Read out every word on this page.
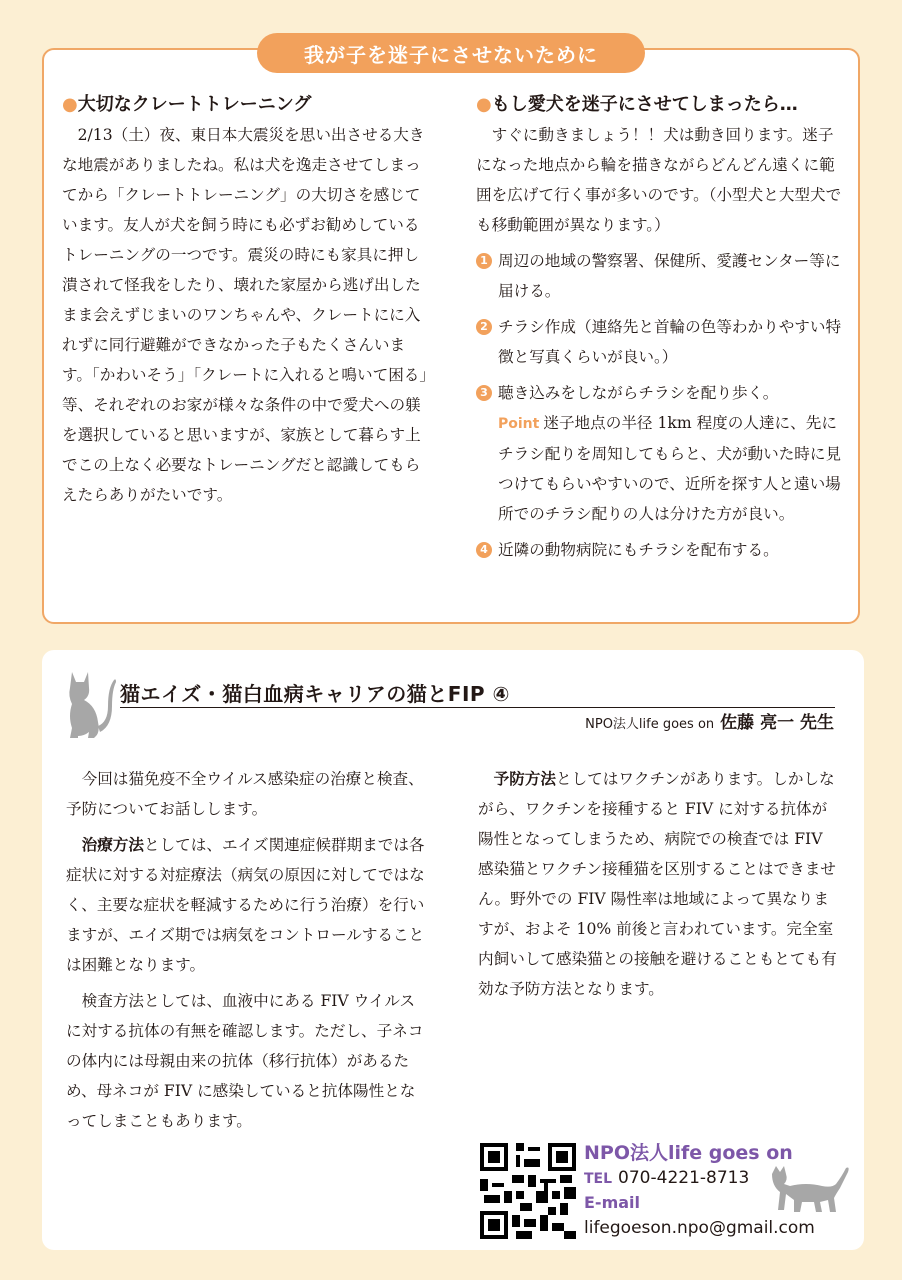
我が子を迷子にさせないために
●大切なクレートトレーニング

2/13（土）夜、東日本大震災を思い出させる大きな地震がありましたね。私は犬を逸走させてしまってから「クレートトレーニング」の大切さを感じています。友人が犬を飼う時にも必ずお勧めしているトレーニングの一つです。震災の時にも家具に押し潰されて怪我をしたり、壊れた家屋から逃げ出したまま会えずじまいのワンちゃんや、クレートにに入れずに同行避難ができなかった子もたくさんいます。「かわいそう」「クレートに入れると鳴いて困る」等、それぞれのお家が様々な条件の中で愛犬への躾を選択していると思いますが、家族として暮らす上でこの上なく必要なトレーニングだと認識してもらえたらありがたいです。

●もし愛犬を迷子にさせてしまったら…

すぐに動きましょう！！犬は動き回ります。迷子になった地点から輪を描きながらどんどん遠くに範囲を広げて行く事が多いのです。（小型犬と大型犬でも移動範囲が異なります。）

1 周辺の地域の警察署、保健所、愛護センター等に届ける。
2 チラシ作成（連絡先と首輪の色等わかりやすい特徴と写真くらいが良い。）
3 聴き込みをしながらチラシを配り歩く。
Point 迷子地点の半径 1km 程度の人達に、先にチラシ配りを周知してもらと、犬が動いた時に見つけてもらいやすいので、近所を探す人と遠い場所でのチラシ配りの人は分けた方が良い。
4 近隣の動物病院にもチラシを配布する。
猫エイズ・猫白血病キャリアの猫とFIP ④
NPO法人life goes on 佐藤 亮一 先生

今回は猫免疫不全ウイルス感染症の治療と検査、予防についてお話しします。

治療方法としては、エイズ関連症候群期までは各症状に対する対症療法（病気の原因に対してではなく、主要な症状を軽減するために行う治療）を行いますが、エイズ期では病気をコントロールすることは困難となります。

検査方法としては、血液中にある FIV ウイルスに対する抗体の有無を確認します。ただし、子ネコの体内には母親由来の抗体（移行抗体）があるため、母ネコが FIV に感染していると抗体陽性となってしまこともあります。

予防方法としてはワクチンがあります。しかしながら、ワクチンを接種すると FIV に対する抗体が陽性となってしまうため、病院での検査では FIV 感染猫とワクチン接種猫を区別することはできません。野外での FIV 陽性率は地域によって異なりますが、およそ 10% 前後と言われています。完全室内飼いして感染猫との接触を避けることもとても有効な予防方法となります。

NPO法人life goes on
TEL 070-4221-8713
E-mail
lifegoeson.npo@gmail.com
